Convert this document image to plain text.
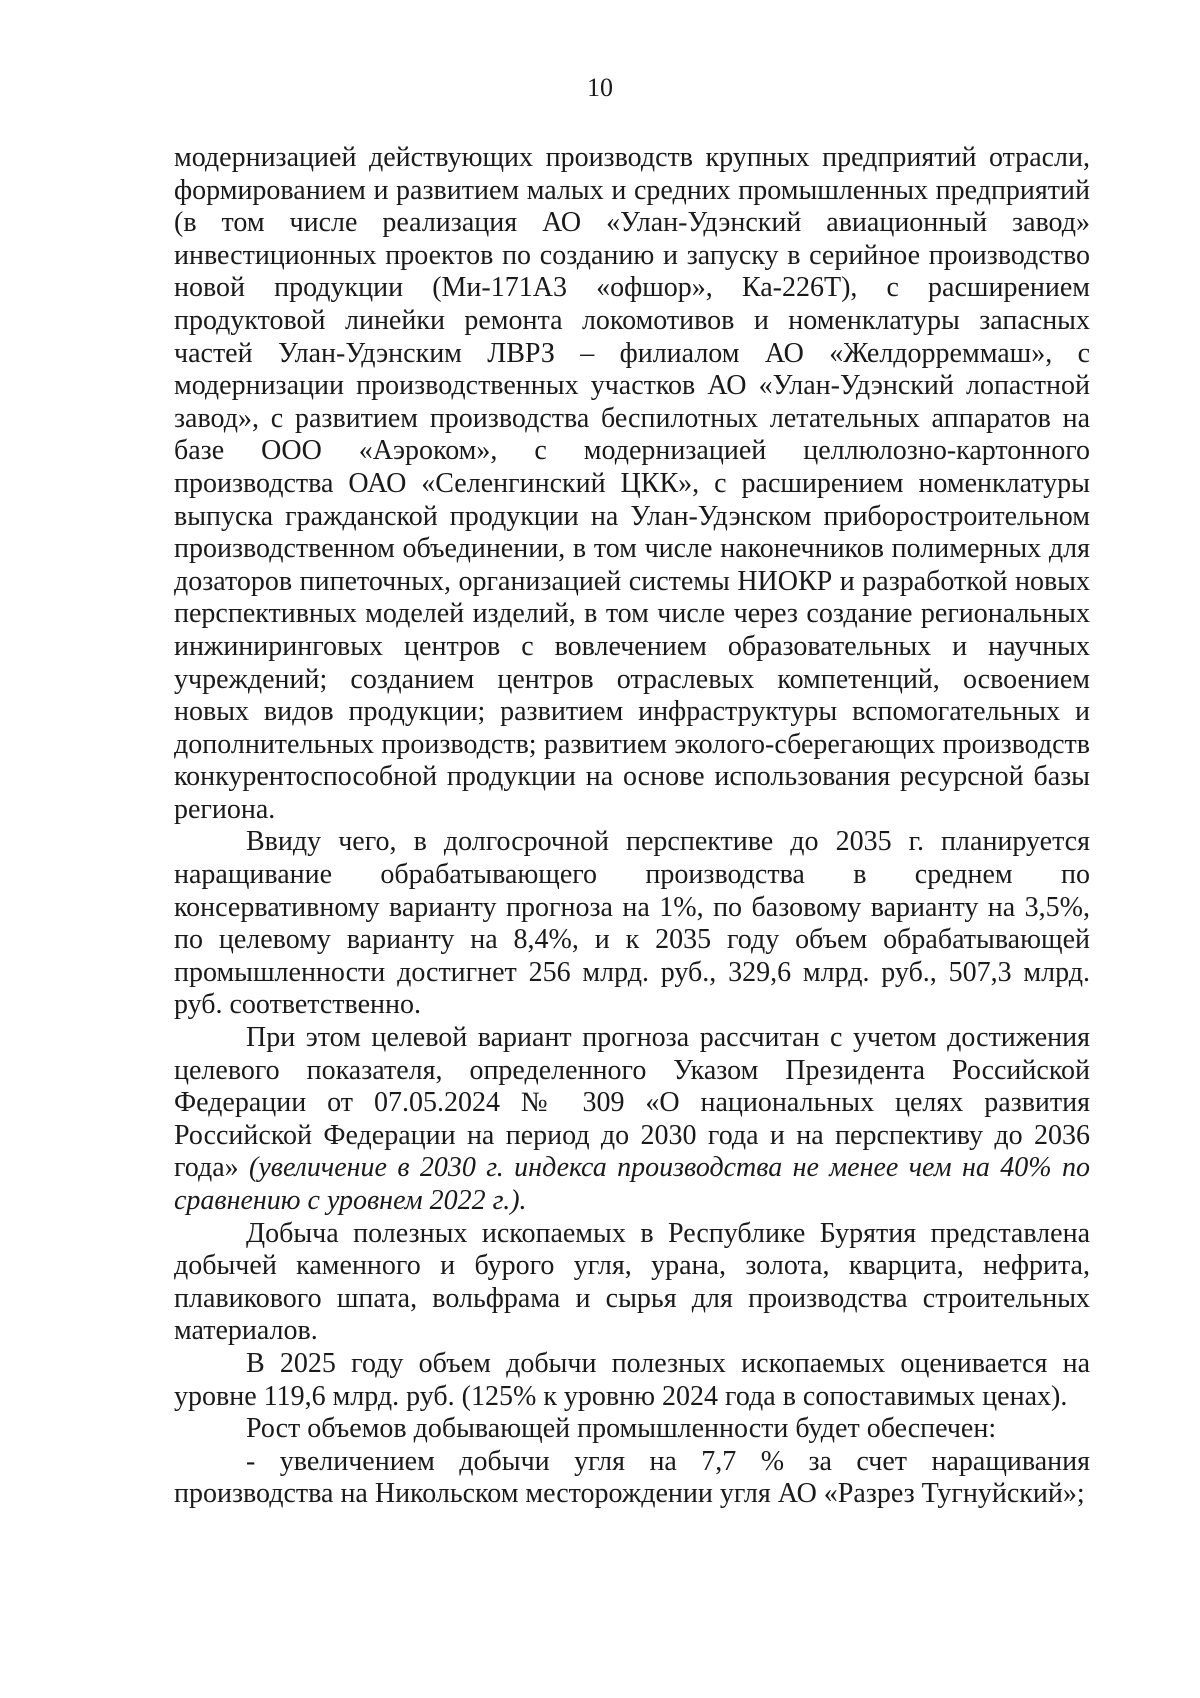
10

модернизацией действующих производств крупных предприятий отрасли, формированием и развитием малых и средних промышленных предприятий (в том числе реализация АО «Улан-Удэнский авиационный завод» инвестиционных проектов по созданию и запуску в серийное производство новой продукции (Ми-171А3 «офшор», Ка-226Т), с расширением продуктовой линейки ремонта локомотивов и номенклатуры запасных частей Улан-Удэнским ЛВРЗ – филиалом АО «Желдорреммаш», с модернизации производственных участков АО «Улан-Удэнский лопастной завод», с развитием производства беспилотных летательных аппаратов на базе ООО «Аэроком», с модернизацией целлюлозно-картонного производства ОАО «Селенгинский ЦКК», с расширением номенклатуры выпуска гражданской продукции на Улан-Удэнском приборостроительном производственном объединении, в том числе наконечников полимерных для дозаторов пипеточных, организацией системы НИОКР и разработкой новых перспективных моделей изделий, в том числе через создание региональных инжиниринговых центров с вовлечением образовательных и научных учреждений; созданием центров отраслевых компетенций, освоением новых видов продукции; развитием инфраструктуры вспомогательных и дополнительных производств; развитием эколого-сберегающих производств конкурентоспособной продукции на основе использования ресурсной базы региона.

Ввиду чего, в долгосрочной перспективе до 2035 г. планируется наращивание обрабатывающего производства в среднем по консервативному варианту прогноза на 1%, по базовому варианту на 3,5%, по целевому варианту на 8,4%, и к 2035 году объем обрабатывающей промышленности достигнет 256 млрд. руб., 329,6 млрд. руб., 507,3 млрд. руб. соответственно.

При этом целевой вариант прогноза рассчитан с учетом достижения целевого показателя, определенного Указом Президента Российской Федерации от 07.05.2024 № 309 «О национальных целях развития Российской Федерации на период до 2030 года и на перспективу до 2036 года» (увеличение в 2030 г. индекса производства не менее чем на 40% по сравнению с уровнем 2022 г.).

Добыча полезных ископаемых в Республике Бурятия представлена добычей каменного и бурого угля, урана, золота, кварцита, нефрита, плавикового шпата, вольфрама и сырья для производства строительных материалов.

В 2025 году объем добычи полезных ископаемых оценивается на уровне 119,6 млрд. руб. (125% к уровню 2024 года в сопоставимых ценах).

Рост объемов добывающей промышленности будет обеспечен:

- увеличением добычи угля на 7,7 % за счет наращивания производства на Никольском месторождении угля АО «Разрез Тугнуйский»;
